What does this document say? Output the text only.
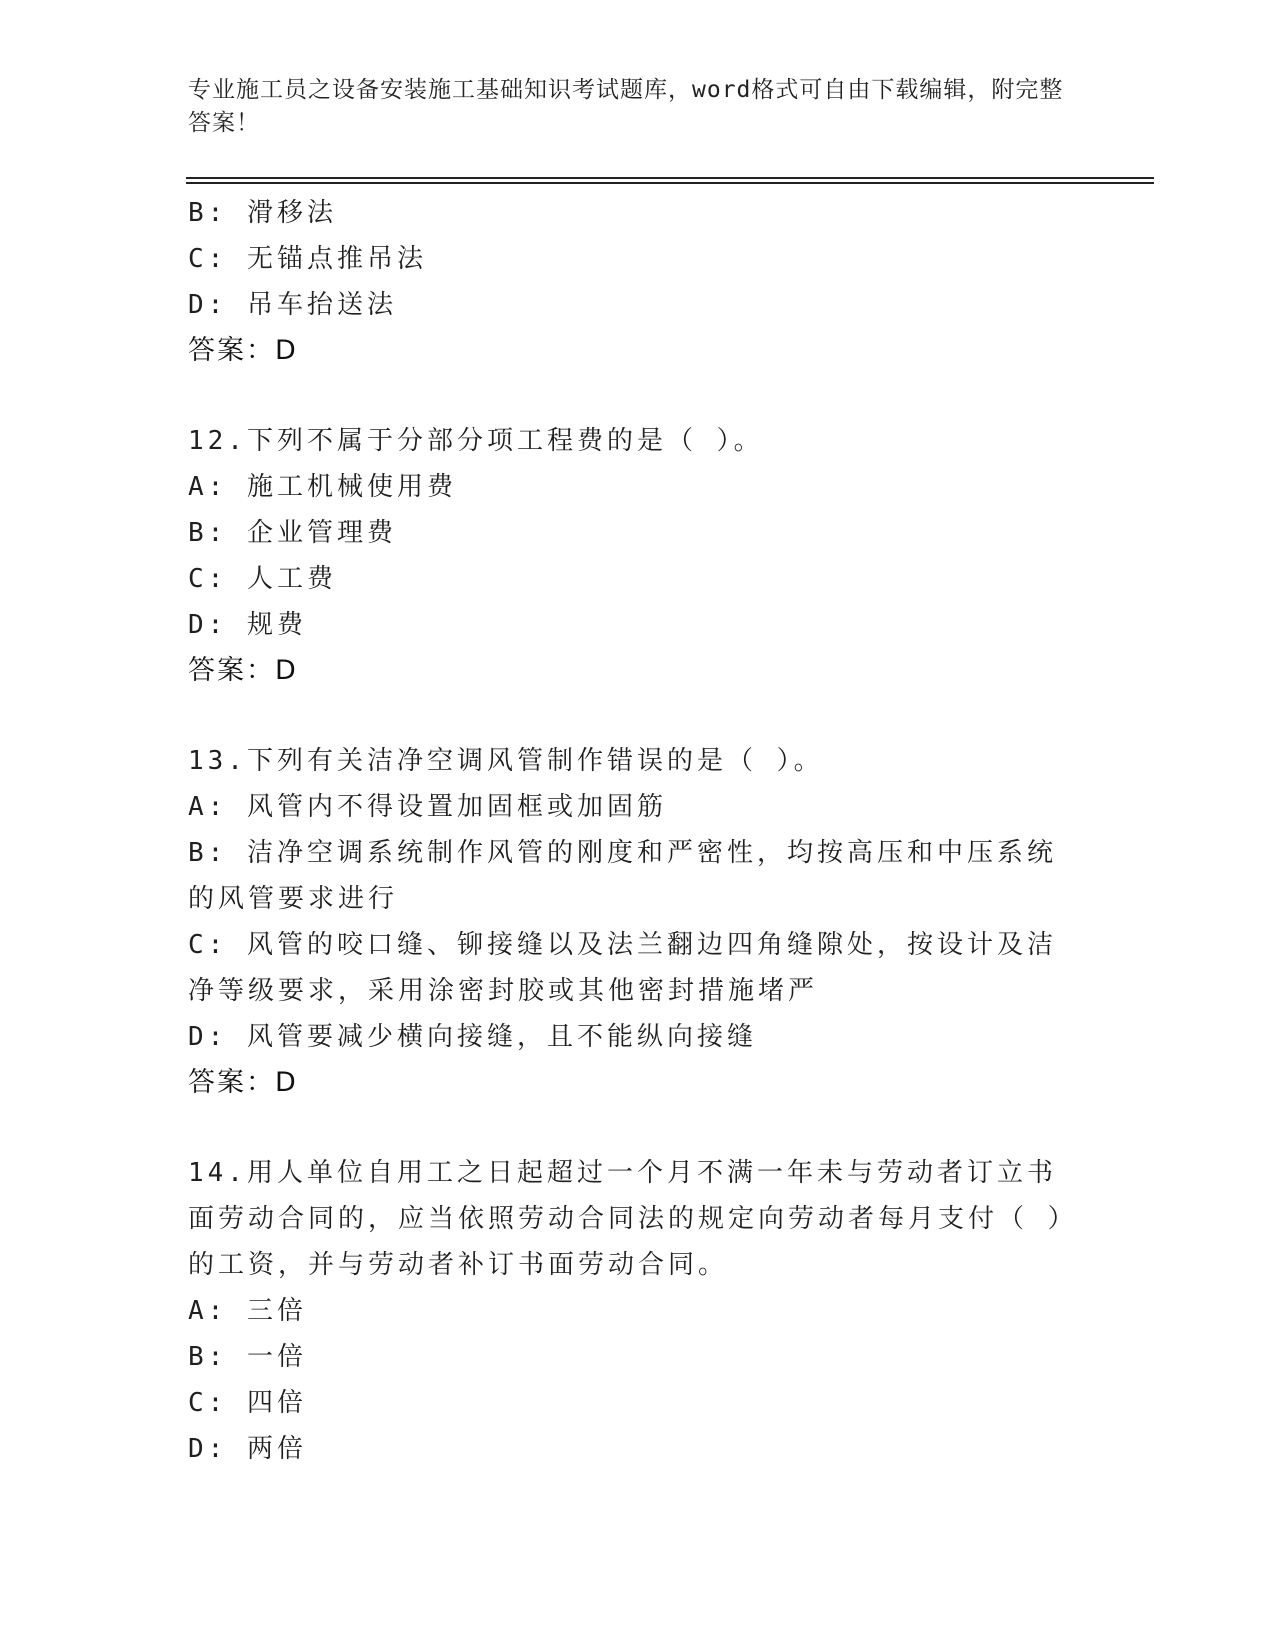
专业施工员之设备安装施工基础知识考试题库，word格式可自由下载编辑，附完整答案！
B: 滑移法
C: 无锚点推吊法
D: 吊车抬送法
答案：D
12.下列不属于分部分项工程费的是（ ）。
A: 施工机械使用费
B: 企业管理费
C: 人工费
D: 规费
答案：D
13.下列有关洁净空调风管制作错误的是（ ）。
A: 风管内不得设置加固框或加固筋
B: 洁净空调系统制作风管的刚度和严密性，均按高压和中压系统的风管要求进行
C: 风管的咬口缝、铆接缝以及法兰翻边四角缝隙处，按设计及洁净等级要求，采用涂密封胶或其他密封措施堵严
D: 风管要减少横向接缝，且不能纵向接缝
答案：D
14.用人单位自用工之日起超过一个月不满一年未与劳动者订立书面劳动合同的，应当依照劳动合同法的规定向劳动者每月支付（ ）的工资，并与劳动者补订书面劳动合同。
A: 三倍
B: 一倍
C: 四倍
D: 两倍
